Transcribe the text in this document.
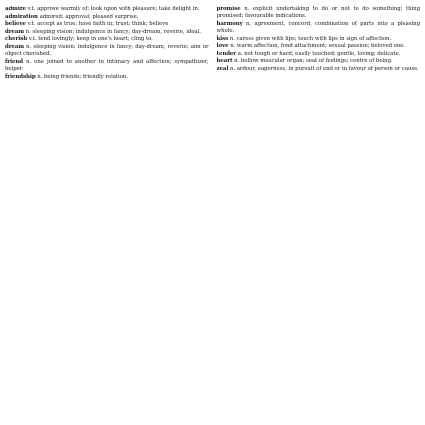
admire v.t. approve warmly of; look upon with pleasure; take delight in.

admiration admired; approval; pleased surprise.

believe v.t. accept as true; have faith in; trust; think; believe

dream n. sleeping vision; indulgence in fancy; day-dream, reverie, ideal.

cherish v.t. tend lovingly; keep in one's heart; cling to.

dream n. sleeping vision; indulgence in fancy; day-dream, reverie; aim or object cherished.

friend n. one joined to another in intimacy and affection; sympathizer, helper.

friendship n. being friends; friendly relation.

promise n. explicit undertaking to do or not to do something; thing promised; favourable indications.

harmony n. agreement, concord, combination of parts into a pleasing whole.

kiss n. caress given with lips; touch with lips in sign of affection.

love n. warm affection, fond attachment; sexual passion; beloved one.

tender a. not tough or hard; easily touched; gentle, loving; delicate.

heart n. hollow muscular organ; seat of feelings; centre of being.

zeal n. ardour, eagerness, in pursuit of end or in favour of person or cause.
